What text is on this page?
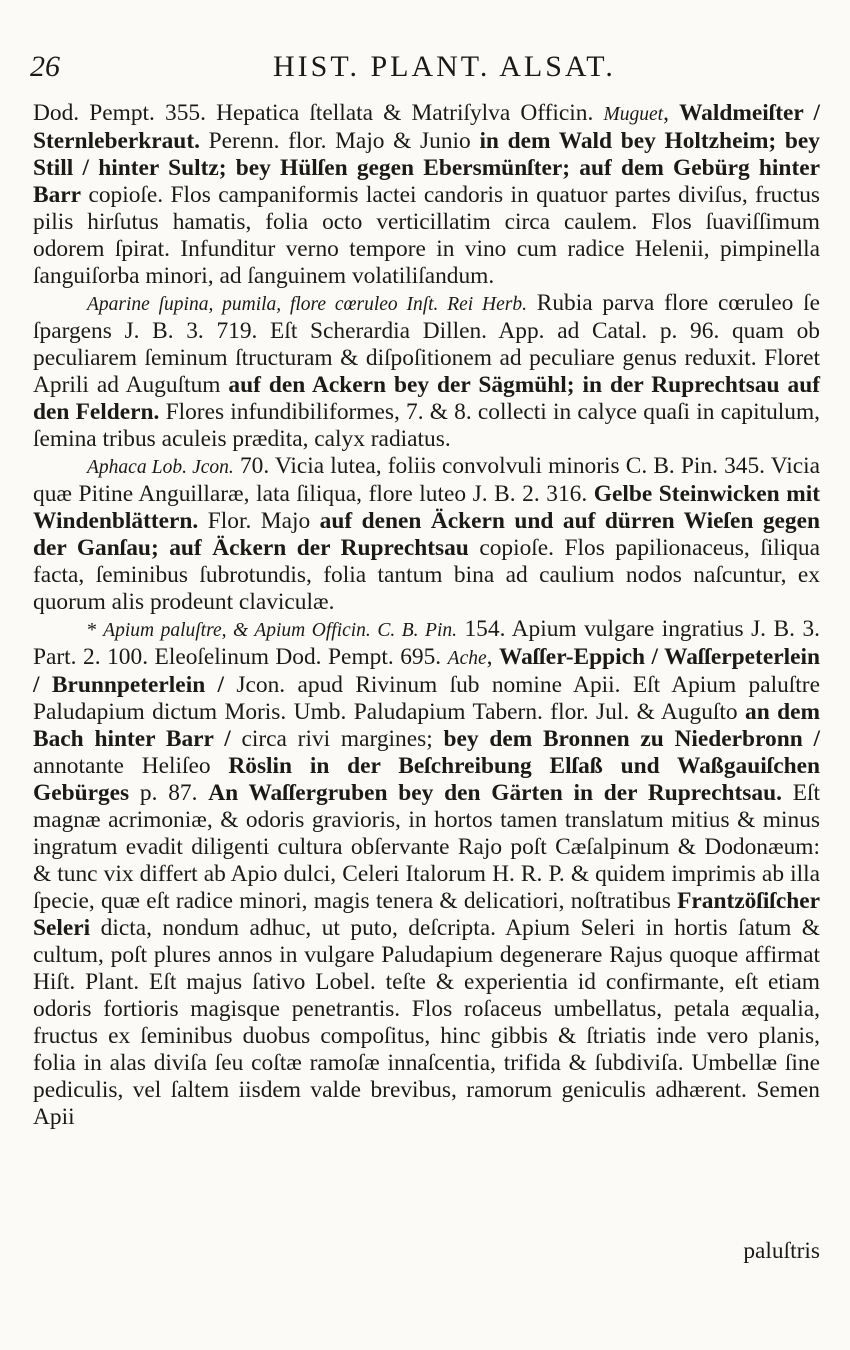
26	HIST. PLANT. ALSAT.

Dod. Pempt. 355. Hepatica ſtellata & Matriſylva Officin. Muguet, Waldmeiſter / Sternleberkraut. Perenn. flor. Majo & Junio in dem Wald bey Holtzheim; bey Still / hinter Sultz; bey Hülſen gegen Ebersmünſter; auf dem Gebürg hinter Barr copioſe. Flos campaniformis lactei candoris in quatuor partes diviſus, fructus pilis hirſutus hamatis, folia octo verticillatim circa caulem. Flos ſuaviſſimum odorem ſpirat. Infunditur verno tempore in vino cum radice Helenii, pimpinella ſanguiſorba minori, ad ſanguinem volatiliſandum.

Aparine ſupina, pumila, flore cœruleo Inſt. Rei Herb. Rubia parva flore cœruleo ſe ſpargens J. B. 3. 719. Eſt Scherardia Dillen. App. ad Catal. p. 96. quam ob peculiarem ſeminum ſtructuram & diſpoſitionem ad peculiare genus reduxit. Floret Aprili ad Auguſtum auf den Ackern bey der Sägmühl; in der Ruprechtsau auf den Feldern. Flores infundibiliformes, 7. & 8. collecti in calyce quaſi in capitulum, ſemina tribus aculeis prædita, calyx radiatus.

Aphaca Lob. Jcon. 70. Vicia lutea, foliis convolvuli minoris C. B. Pin. 345. Vicia quæ Pitine Anguillaræ, lata ſiliqua, flore luteo J. B. 2. 316. Gelbe Steinwicken mit Windenblättern. Flor. Majo auf denen Äckern und auf dürren Wieſen gegen der Ganſau; auf Äckern der Ruprechtsau copioſe. Flos papilionaceus, ſiliqua facta, ſeminibus ſubrotundis, folia tantum bina ad caulium nodos naſcuntur, ex quorum alis prodeunt claviculæ.

* Apium paluſtre, & Apium Officin. C. B. Pin. 154. Apium vulgare ingratius J. B. 3. Part. 2. 100. Eleoſelinum Dod. Pempt. 695. Ache, Waſſer-Eppich / Waſſerpeterlein / Brunnpeterlein / Jcon. apud Rivinum ſub nomine Apii. Eſt Apium paluſtre Paludapium dictum Moris. Umb. Paludapium Tabern. flor. Jul. & Auguſto an dem Bach hinter Barr / circa rivi margines; bey dem Bronnen zu Niederbronn / annotante Heliſeo Röslin in der Beſchreibung Elſaß und Waßgauiſchen Gebürges p. 87. An Waſſergruben bey den Gärten in der Ruprechtsau. Eſt magnæ acrimoniæ, & odoris gravioris, in hortos tamen translatum mitius & minus ingratum evadit diligenti cultura obſervante Rajo poſt Cæſalpinum & Dodonæum: & tunc vix differt ab Apio dulci, Celeri Italorum H. R. P. & quidem imprimis ab illa ſpecie, quæ eſt radice minori, magis tenera & delicatiori, noſtratibus Frantzöſiſcher Seleri dicta, nondum adhuc, ut puto, deſcripta. Apium Seleri in hortis ſatum & cultum, poſt plures annos in vulgare Paludapium degenerare Rajus quoque affirmat Hiſt. Plant. Eſt majus ſativo Lobel. teſte & experientia id confirmante, eſt etiam odoris fortioris magisque penetrantis. Flos roſaceus umbellatus, petala æqualia, fructus ex ſeminibus duobus compoſitus, hinc gibbis & ſtriatis inde vero planis, folia in alas diviſa ſeu coſtæ ramoſæ innaſcentia, trifida & ſubdiviſa. Umbellæ ſine pediculis, vel ſaltem iisdem valde brevibus, ramorum geniculis adhærent. Semen Apii

paluſtris
